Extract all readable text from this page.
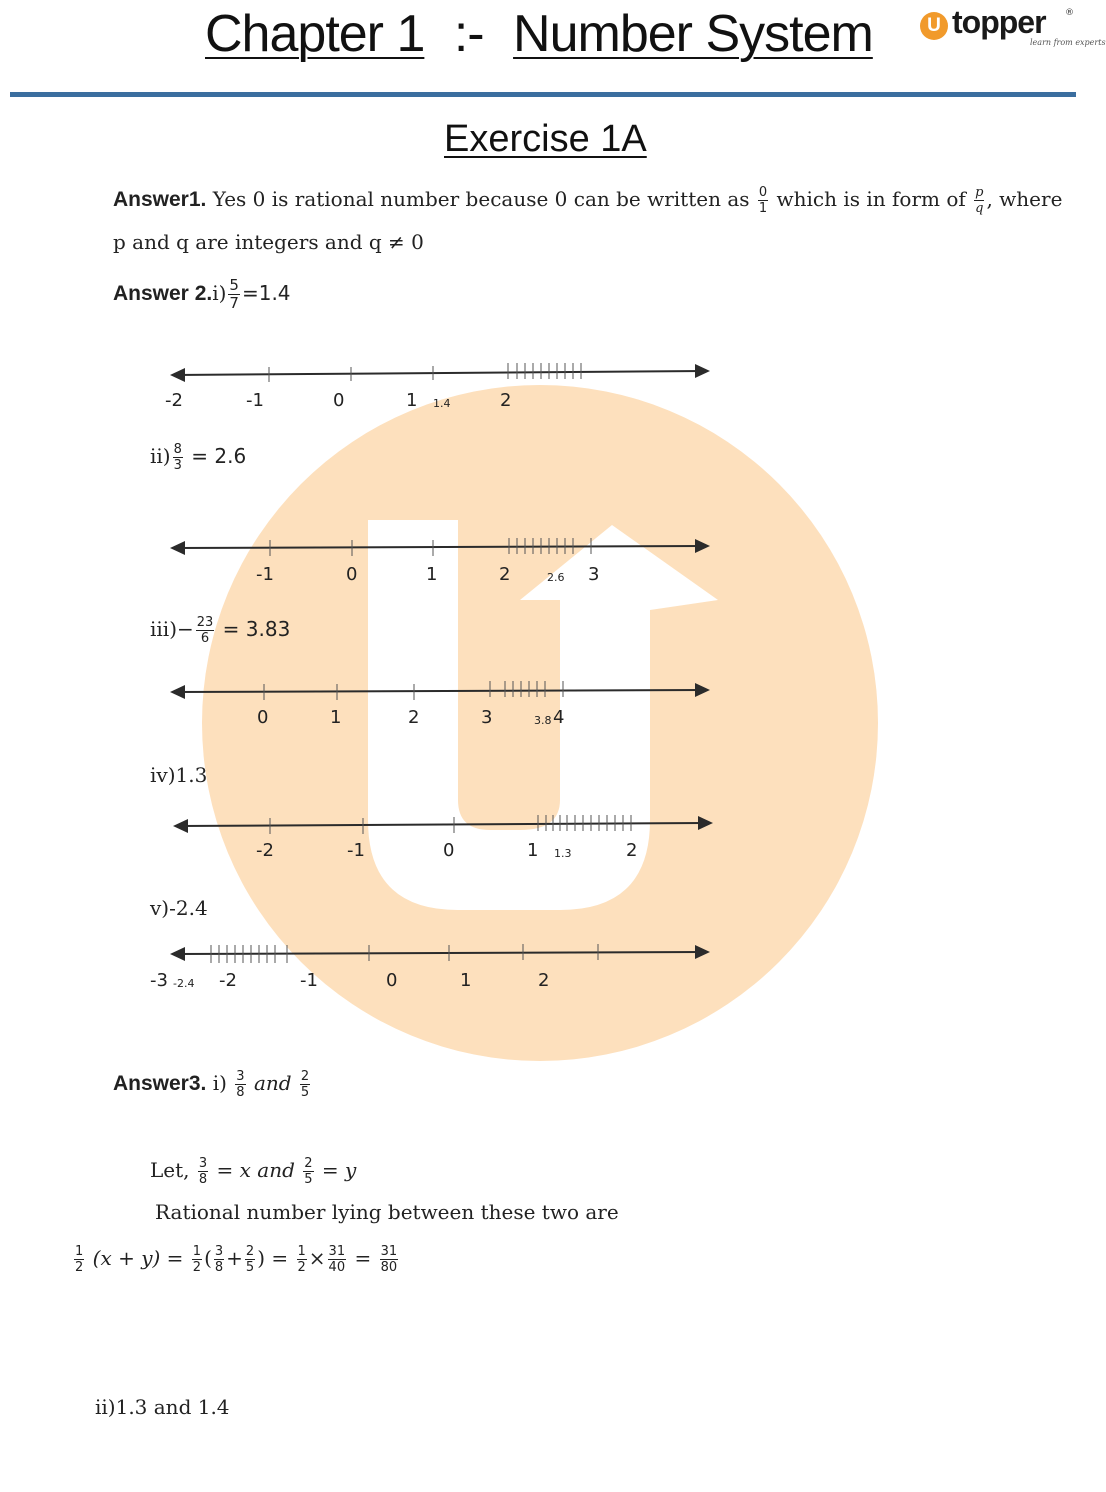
Chapter 1 :- Number System	U topper
learn from experts
®
Exercise 1A
Answer1. Yes 0 is rational number because 0 can be written as $\frac{0}{1}$ which is in form of $\frac{p}{q}$ , where
p and q are integers and q ≠ 0
Answer $2.i) \frac{5}{7} =1.4$
-2	-1	0	1 1.4	2
$ii) \frac{8}{3} = 2.6$
-1	0	1	2	2.6 3
$iii)- \frac{23}{6} = 3.83$
0	1	2	3	3.8 4
iv)1.3
-2	-1	0	1 1.3	2
v)-2.4
-3 -2.4 -2	-1	0	1	2
Answer3. $i) \frac{3}{8}$ and $\frac{2}{5}$
Let, $\frac{3}{8} = x$ and $\frac{2}{5} = y$
Rational number lying between these two are
$\frac{1}{2} (x + y) = \frac{1}{2}$ ( $\frac{3}{8} + \frac{2}{5}$ ) = $\frac{1}{2} \times \frac{31}{40} = \frac{31}{80}$
ii)1.3 and 1.4
